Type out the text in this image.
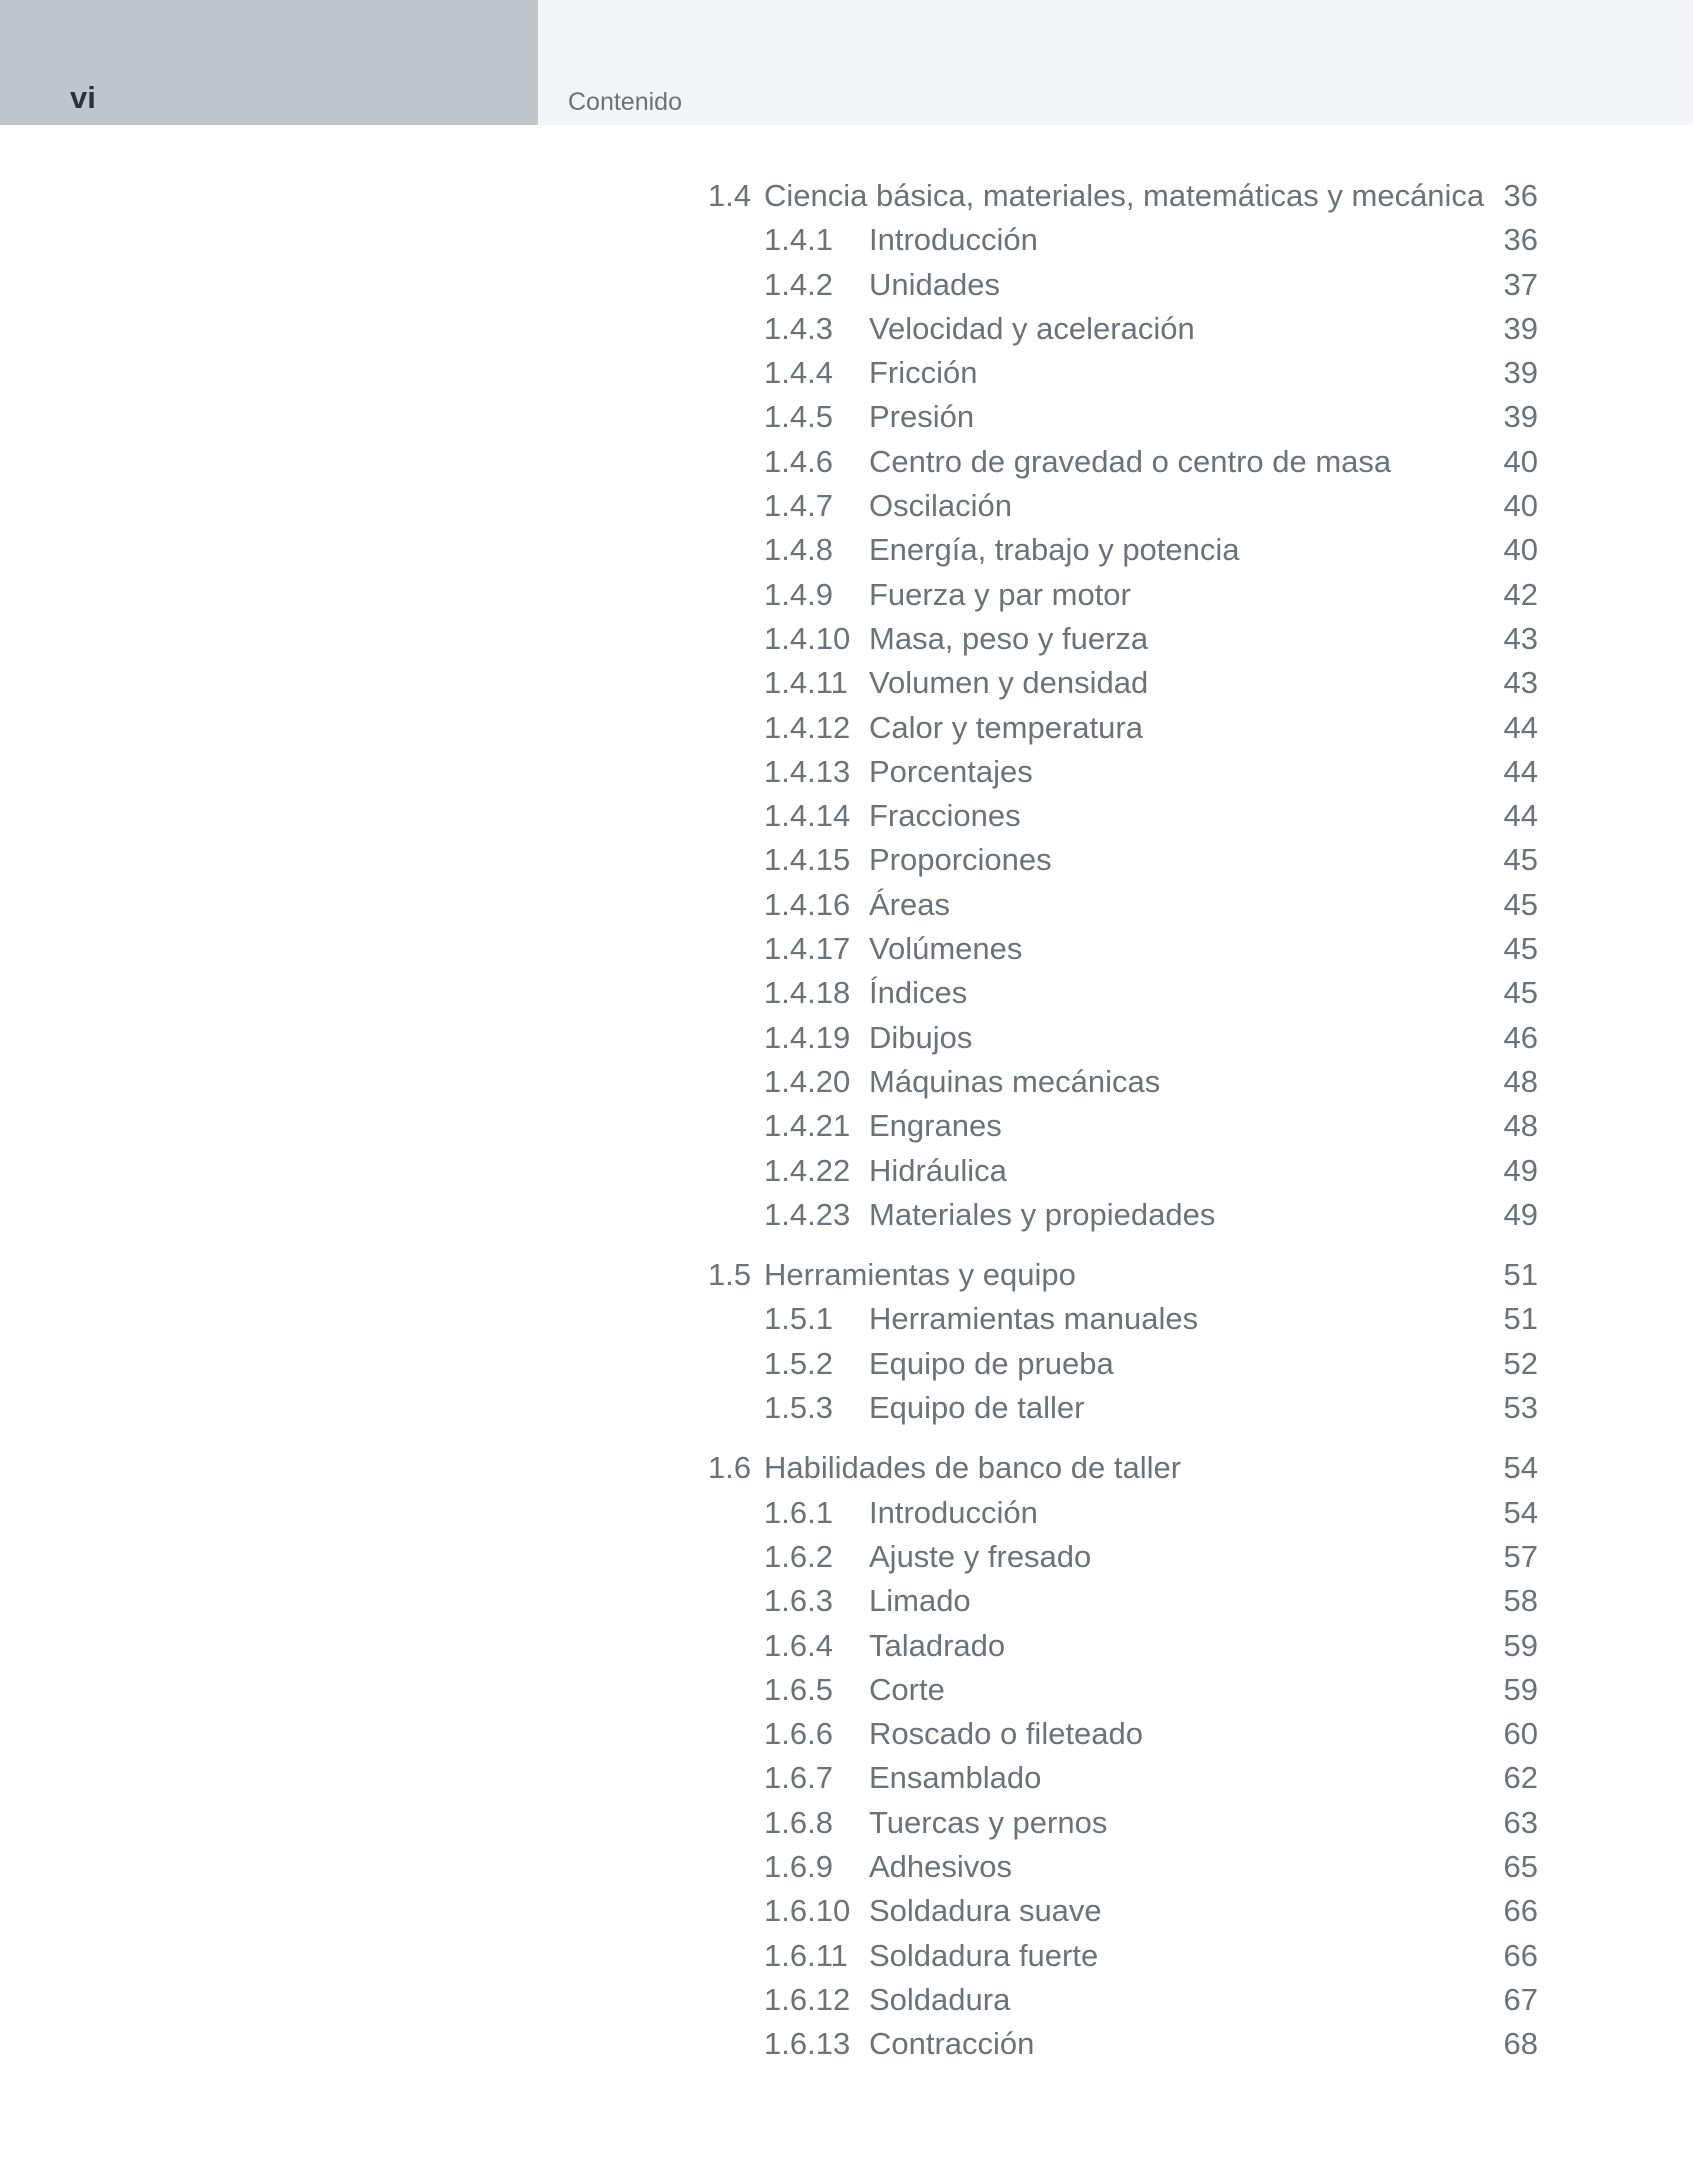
vi	Contenido
1.4 Ciencia básica, materiales, matemáticas y mecánica 36
1.4.1	Introducción	36
1.4.2	Unidades	37
1.4.3	Velocidad y aceleración	39
1.4.4	Fricción	39
1.4.5	Presión	39
1.4.6	Centro de gravedad o centro de masa	40
1.4.7	Oscilación	40
1.4.8	Energía, trabajo y potencia	40
1.4.9	Fuerza y par motor	42
1.4.10 Masa, peso y fuerza	43
1.4.11 Volumen y densidad	43
1.4.12 Calor y temperatura	44
1.4.13 Porcentajes	44
1.4.14 Fracciones	44
1.4.15 Proporciones	45
1.4.16 Áreas	45
1.4.17 Volúmenes	45
1.4.18 Índices	45
1.4.19 Dibujos	46
1.4.20 Máquinas mecánicas	48
1.4.21 Engranes	48
1.4.22 Hidráulica	49
1.4.23 Materiales y propiedades	49
1.5 Herramientas y equipo	51
1.5.1	Herramientas manuales	51
1.5.2	Equipo de prueba	52
1.5.3	Equipo de taller	53
1.6 Habilidades de banco de taller	54
1.6.1	Introducción	54
1.6.2	Ajuste y fresado	57
1.6.3	Limado	58
1.6.4	Taladrado	59
1.6.5	Corte	59
1.6.6	Roscado o fileteado	60
1.6.7	Ensamblado	62
1.6.8	Tuercas y pernos	63
1.6.9	Adhesivos	65
1.6.10 Soldadura suave	66
1.6.11 Soldadura fuerte	66
1.6.12 Soldadura	67
1.6.13 Contracción	68
